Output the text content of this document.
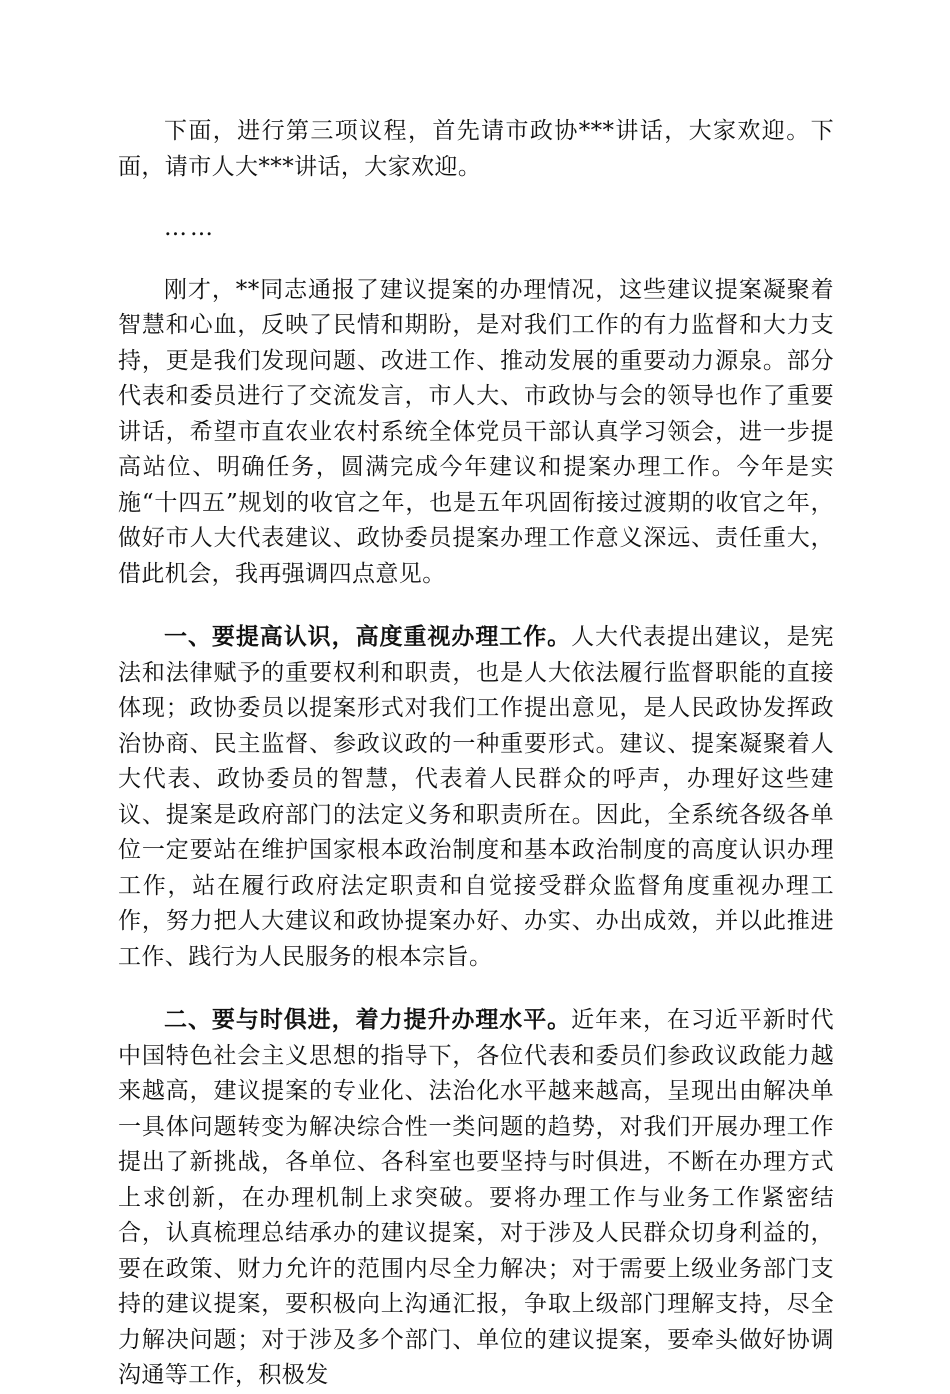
下面，进行第三项议程，首先请市政协***讲话，大家欢迎。下面，请市人大***讲话，大家欢迎。

……

刚才，**同志通报了建议提案的办理情况，这些建议提案凝聚着智慧和心血，反映了民情和期盼，是对我们工作的有力监督和大力支持，更是我们发现问题、改进工作、推动发展的重要动力源泉。部分代表和委员进行了交流发言，市人大、市政协与会的领导也作了重要讲话，希望市直农业农村系统全体党员干部认真学习领会，进一步提高站位、明确任务，圆满完成今年建议和提案办理工作。今年是实施“十四五”规划的收官之年，也是五年巩固衔接过渡期的收官之年，做好市人大代表建议、政协委员提案办理工作意义深远、责任重大，借此机会，我再强调四点意见。

一、要提高认识，高度重视办理工作。人大代表提出建议，是宪法和法律赋予的重要权利和职责，也是人大依法履行监督职能的直接体现；政协委员以提案形式对我们工作提出意见，是人民政协发挥政治协商、民主监督、参政议政的一种重要形式。建议、提案凝聚着人大代表、政协委员的智慧，代表着人民群众的呼声，办理好这些建议、提案是政府部门的法定义务和职责所在。因此，全系统各级各单位一定要站在维护国家根本政治制度和基本政治制度的高度认识办理工作，站在履行政府法定职责和自觉接受群众监督角度重视办理工作，努力把人大建议和政协提案办好、办实、办出成效，并以此推进工作、践行为人民服务的根本宗旨。

二、要与时俱进，着力提升办理水平。近年来，在习近平新时代中国特色社会主义思想的指导下，各位代表和委员们参政议政能力越来越高，建议提案的专业化、法治化水平越来越高，呈现出由解决单一具体问题转变为解决综合性一类问题的趋势，对我们开展办理工作提出了新挑战，各单位、各科室也要坚持与时俱进，不断在办理方式上求创新，在办理机制上求突破。要将办理工作与业务工作紧密结合，认真梳理总结承办的建议提案，对于涉及人民群众切身利益的，要在政策、财力允许的范围内尽全力解决；对于需要上级业务部门支持的建议提案，要积极向上沟通汇报，争取上级部门理解支持，尽全力解决问题；对于涉及多个部门、单位的建议提案，要牵头做好协调沟通等工作，积极发
